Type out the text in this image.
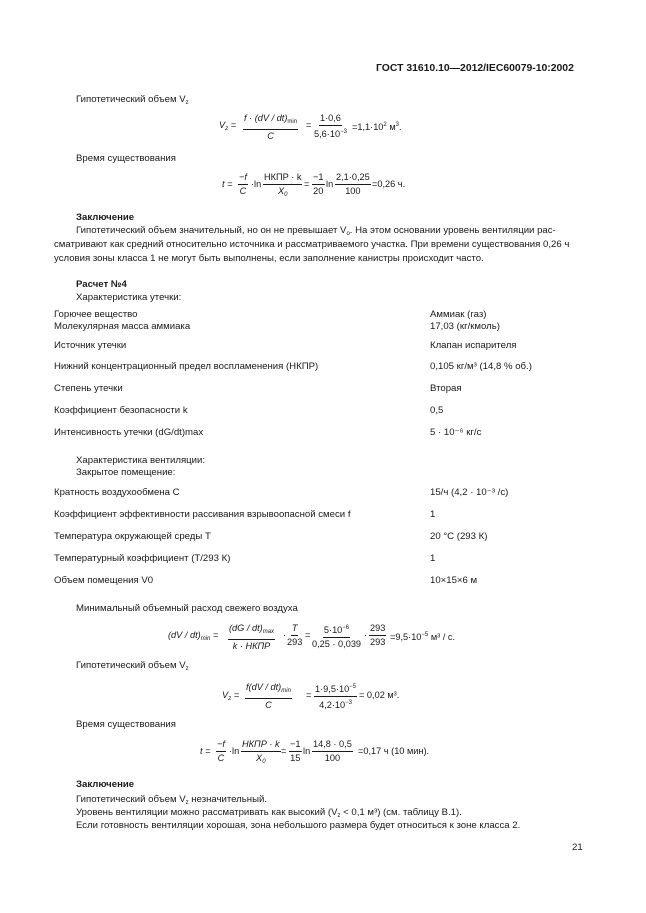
ГОСТ 31610.10—2012/IEC60079-10:2002
Гипотетический объем $V_z$
$V_z$ =
$f \cdot (dV / dt)_{min}$
C
= $\frac{1\cdot 0,6}{5,6\cdot 10^{-3}} =1,1\cdot 10^2$ $м^3$.
Время существования
$t = \frac{-f}{C} \cdot\ln$
НКПР · k
$X_0$
= $\frac{-1}{20}$
$\cdot\ln \frac{2,1\cdot 0,25}{100} =0,26$ ч.
Заключение
Гипотетический объем значительный, но он не превышает $V_о$. На этом основании уровень вентиляции рас-
сматривают как средний относительно источника и рассматриваемого участка. При времени существования 0,26 ч
условия зоны класса 1 не могут быть выполнены, если заполнение канистры происходит часто.
Расчет №4
Характеристика утечки:
Горючее вещество	Аммиак (газ)
Молекулярная масса аммиака	17,03 (кг/кмоль)
Источник утечки	Клапан испарителя
Нижний концентрационный предел воспламенения (НКПР)	0,105 кг/м³ (14,8 % об.)
Степень утечки	Вторая
Коэффициент безопасности k	0,5
Интенсивность утечки (dG/dt)max	5 · 10⁻⁶ кг/с
Характеристика вентиляции:
Закрытое помещение:
Кратность воздухообмена C	15/ч (4,2 · 10⁻³ /с)
Коэффициент эффективности рассивания взрывоопасной смеси f	1
Температура окружающей среды T	20 °C (293 К)
Температурный коэффициент (T/293 К)	1
Объем помещения V0	10×15×6 м
Минимальный объемный расход свежего воздуха
$(dV / dt)_{min}$ =
$(dG / dt)_{max}$
k · НКПР
· $\frac{T}{293} = \frac{5\cdot 10^{-6}}{0,25 \cdot 0,039} \cdot \frac{293}{293} =9,5\cdot 10^{-5}$ м³ / с.
Гипотетический объем $V_z$
$V_z$ =
$f(dV / dt)_{min}$
C
= $\frac{1\cdot 9,5\cdot 10^{-5}}{4,2\cdot 10^{-3}} = 0,02$ м³.
Время существования
$t = \frac{-f}{C} \cdot\ln$
НКПР · k
$X_0$
= $\frac{-1}{15}$
$\cdot\ln \frac{14,8 \cdot 0,5}{100} =0,17$ ч (10 мин).
Заключение
Гипотетический объем $V_z$ незначительный.
Уровень вентиляции можно рассматривать как высокий ($V_z < 0,1$ м³) (см. таблицу В.1).
Если готовность вентиляции хорошая, зона небольшого размера будет относиться к зоне класса 2.
21
